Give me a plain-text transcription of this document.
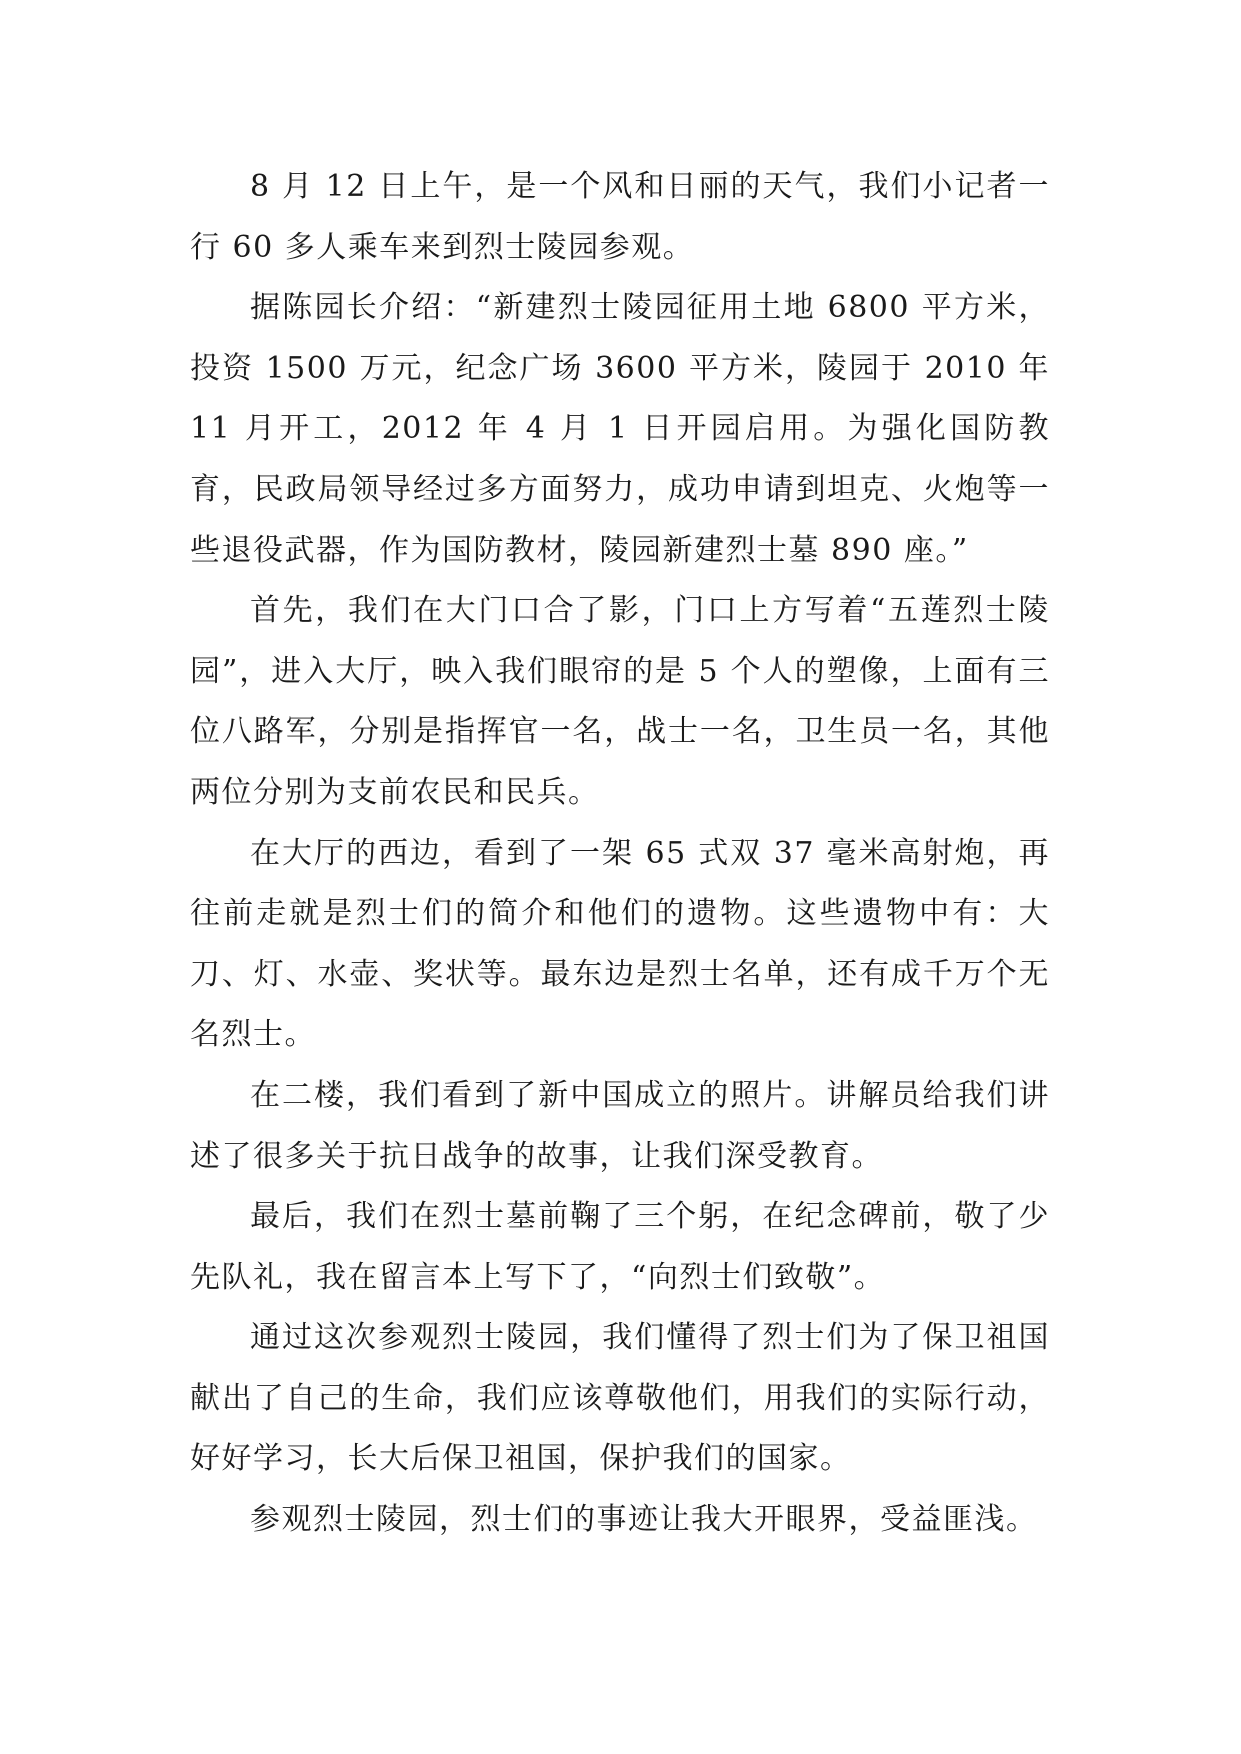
8 月 12 日上午，是一个风和日丽的天气，我们小记者一行 60 多人乘车来到烈士陵园参观。

据陈园长介绍：“新建烈士陵园征用土地 6800 平方米，投资 1500 万元，纪念广场 3600 平方米，陵园于 2010 年 11 月开工，2012 年 4 月 1 日开园启用。为强化国防教育，民政局领导经过多方面努力，成功申请到坦克、火炮等一些退役武器，作为国防教材，陵园新建烈士墓 890 座。”

首先，我们在大门口合了影，门口上方写着“五莲烈士陵园”，进入大厅，映入我们眼帘的是 5 个人的塑像，上面有三位八路军，分别是指挥官一名，战士一名，卫生员一名，其他两位分别为支前农民和民兵。

在大厅的西边，看到了一架 65 式双 37 毫米高射炮，再往前走就是烈士们的简介和他们的遗物。这些遗物中有：大刀、灯、水壶、奖状等。最东边是烈士名单，还有成千万个无名烈士。

在二楼，我们看到了新中国成立的照片。讲解员给我们讲述了很多关于抗日战争的故事，让我们深受教育。

最后，我们在烈士墓前鞠了三个躬，在纪念碑前，敬了少先队礼，我在留言本上写下了，“向烈士们致敬”。

通过这次参观烈士陵园，我们懂得了烈士们为了保卫祖国献出了自己的生命，我们应该尊敬他们，用我们的实际行动，好好学习，长大后保卫祖国，保护我们的国家。

参观烈士陵园，烈士们的事迹让我大开眼界，受益匪浅。
